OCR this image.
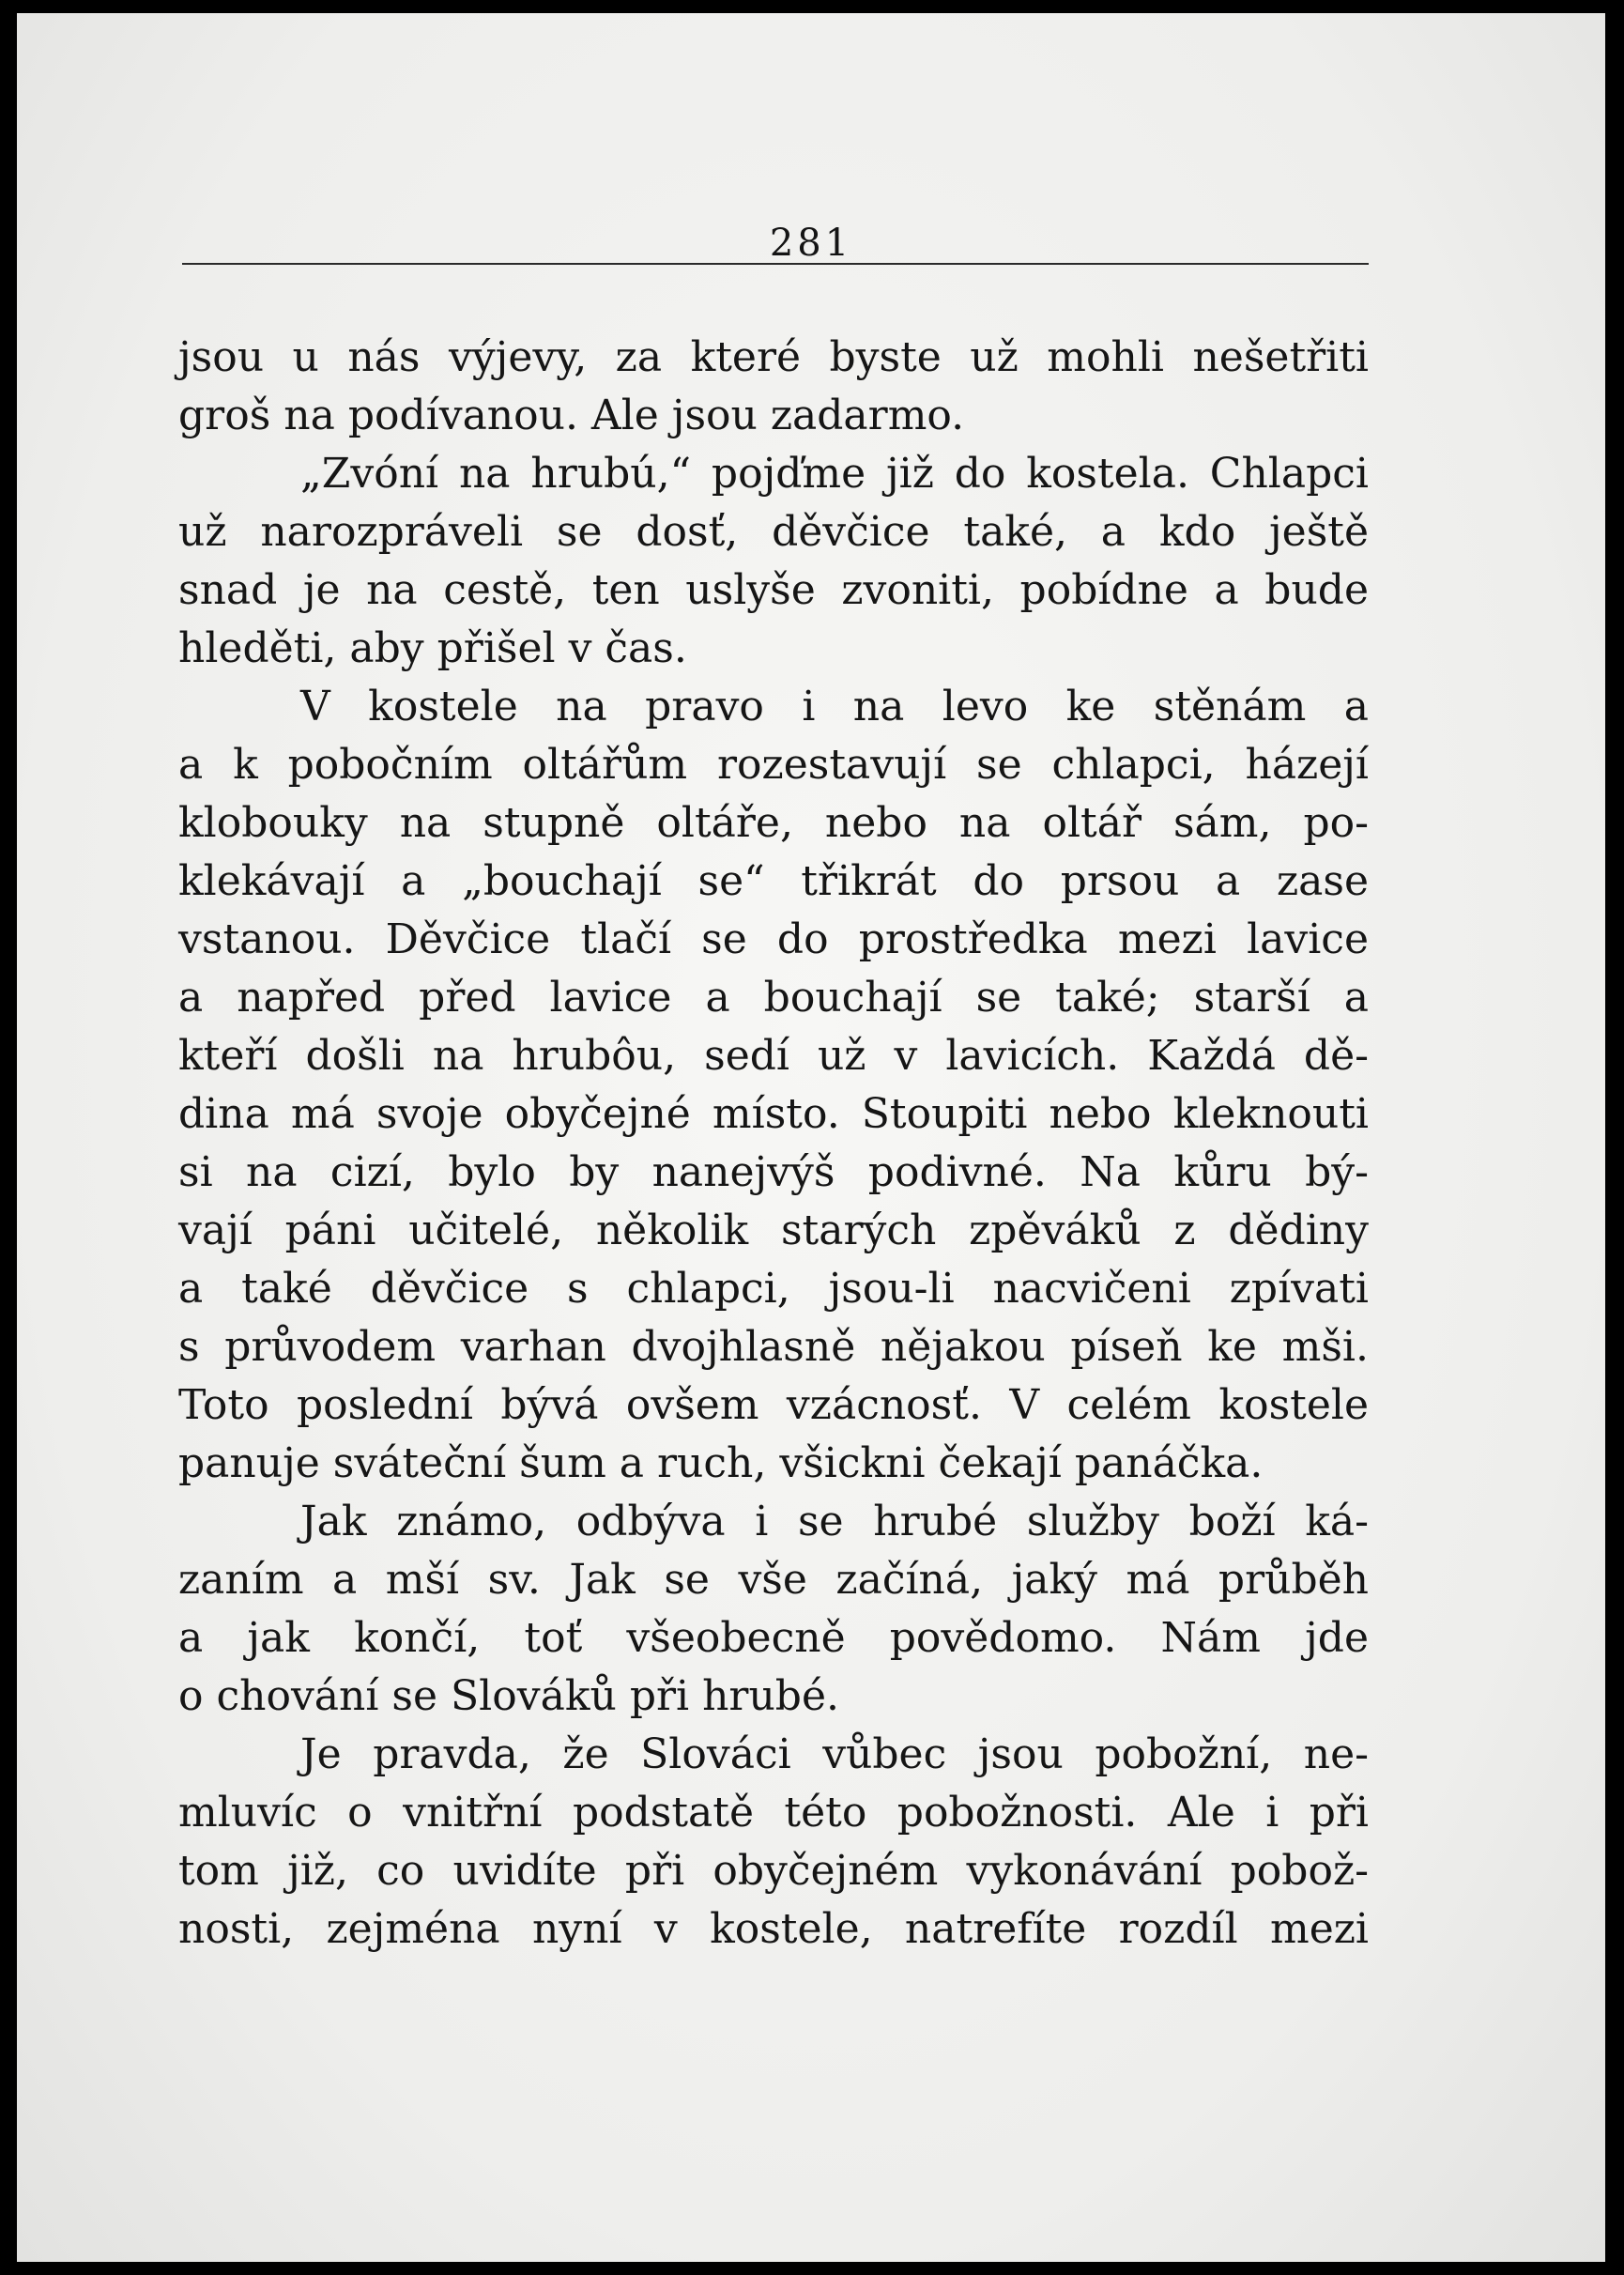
281
jsou u nás výjevy, za které byste už mohli nešetřiti
groš na podívanou. Ale jsou zadarmo.
„Zvóní na hrubú,“ pojďme již do kostela. Chlapci
už narozpráveli se dosť, děvčice také, a kdo ještě
snad je na cestě, ten uslyše zvoniti, pobídne a bude
hleděti, aby přišel v čas.
V kostele na pravo i na levo ke stěnám a
a k pobočním oltářům rozestavují se chlapci, házejí
klobouky na stupně oltáře, nebo na oltář sám, po-
klekávají a „bouchají se“ třikrát do prsou a zase
vstanou. Děvčice tlačí se do prostředka mezi lavice
a napřed před lavice a bouchají se také; starší a
kteří došli na hrubôu, sedí už v lavicích. Každá dě-
dina má svoje obyčejné místo. Stoupiti nebo kleknouti
si na cizí, bylo by nanejvýš podivné. Na kůru bý-
vají páni učitelé, několik starých zpěváků z dědiny
a také děvčice s chlapci, jsou-li nacvičeni zpívati
s průvodem varhan dvojhlasně nějakou píseň ke mši.
Toto poslední bývá ovšem vzácnosť. V celém kostele
panuje sváteční šum a ruch, všickni čekají panáčka.
Jak známo, odbýva i se hrubé služby boží ká-
zaním a mší sv. Jak se vše začíná, jaký má průběh
a jak končí, toť všeobecně povědomo. Nám jde
o chování se Slováků při hrubé.
Je pravda, že Slováci vůbec jsou pobožní, ne-
mluvíc o vnitřní podstatě této pobožnosti. Ale i při
tom již, co uvidíte při obyčejném vykonávání pobož-
nosti, zejména nyní v kostele, natrefíte rozdíl mezi
